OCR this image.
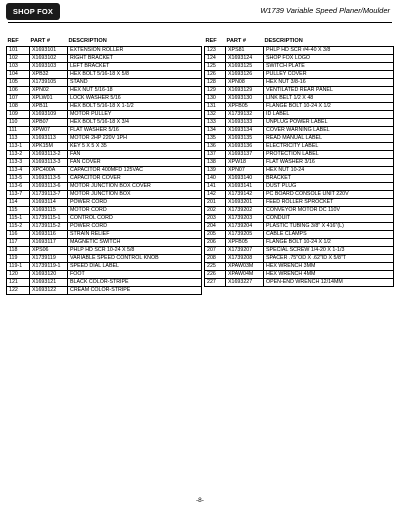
SHOP FOX	W1739 Variable Speed Planer/Moulder
REF	PART #	DESCRIPTION
101	X1693101	EXTENSION ROLLER
102	X1693102	RIGHT BRACKET
103	X1693103	LEFT BRACKET
104	XPB32	HEX BOLT 5/16-18 X 5/8
105	X1739105	STAND
106	XPN02	HEX NUT 5/16-18
107	XPLW01	LOCK WASHER 5/16
108	XPB11	HEX BOLT 5/16-18 X 1-1/2
109	X1693109	MOTOR PULLEY
110	XPB07	HEX BOLT 5/16-18 X 3/4
111	XPW07	FLAT WASHER 5/16
113	X1693113	MOTOR 2HP 220V 1PH
113-1	XPK15M	KEY 5 X 5 X 35
113-2	X1693113-2	FAN
113-3	X1693113-3	FAN COVER
113-4	XPC400A	CAPACITOR 400MFD 125VAC
113-5	X1693113-5	CAPACITOR COVER
113-6	X1693113-6	MOTOR JUNCTION BOX COVER
113-7	X1739113-7	MOTOR JUNCTION BOX
114	X1693114	POWER CORD
115	X1693115	MOTOR CORD
115-1	X1739115-1	CONTROL CORD
115-2	X1739115-2	POWER CORD
116	X1693116	STRAIN RELIEF
117	X1693117	MAGNETIC SWITCH
118	XPS06	PHLP HD SCR 10-24 X 5/8
119	X1739119	VARIABLE SPEED CONTROL KNOB
119-1	X1739119-1	SPEED DIAL LABEL
120	X1693120	FOOT
121	X1693121	BLACK COLOR-STRIPE
122	X1693122	CREAM COLOR-STRIPE
REF	PART #	DESCRIPTION
123	XPS81	PHLP HD SCR #4-40 X 3/8
124	X1693124	SHOP FOX LOGO
125	X1693125	SWITCH PLATE
126	X1693126	PULLEY COVER
128	XPN08	HEX NUT 3/8-16
129	X1693129	VENTILATED REAR PANEL
130	X1693130	LINK BELT 1/2 X 48
131	XPFB05	FLANGE BOLT 10-24 X 1/2
132	X1739132	ID LABEL
133	X1693133	UNPLUG POWER LABEL
134	X1693134	COVER WARNING LABEL
135	X1693135	READ MANUAL LABEL
136	X1693136	ELECTRICITY LABEL
137	X1693137	PROTECTION LABEL
138	XPW18	FLAT WASHER 3/16
139	XPN07	HEX NUT 10-24
140	X1693140	BRACKET
141	X1693141	DUST PLUG
142	X1739142	PC BOARD CONSOLE UNIT 220V
201	X1693201	FEED ROLLER SPROCKET
202	X1739202	CONVEYOR MOTOR DC 110V
203	X1739203	CONDUIT
204	X1739204	PLASTIC TUBING 3/8" X 416"(L)
205	X1739205	CABLE CLAMPS
206	XPFB05	FLANGE BOLT 10-24 X 1/2
207	X1739207	SPECIAL SCREW 1/4-20 X 1-1/3
208	X1739208	SPACER .75"OD X .62"ID X 5/8"T
225	XPAW03M	HEX WRENCH 3MM
226	XPAW04M	HEX WRENCH 4MM
227	X1693227	OPEN-END WRENCH 12/14MM
-8-
